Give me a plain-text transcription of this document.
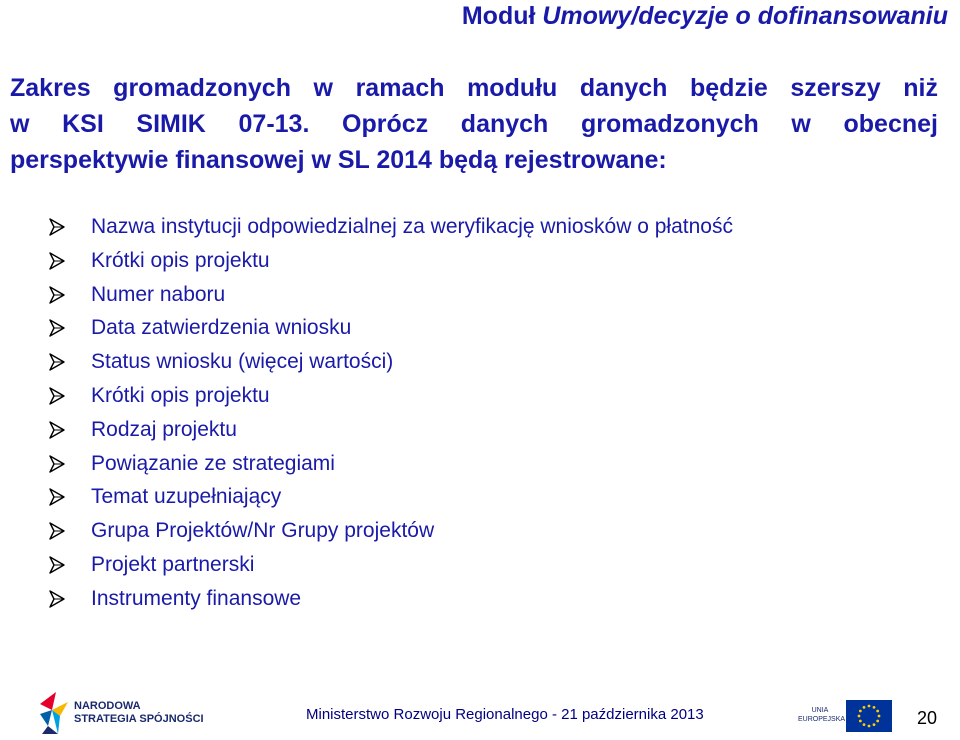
Moduł Umowy/decyzje o dofinansowaniu
Zakres gromadzonych w ramach modułu danych będzie szerszy niż
w KSI SIMIK 07-13. Oprócz danych gromadzonych w obecnej
perspektywie finansowej w SL 2014 będą rejestrowane:
Nazwa instytucji odpowiedzialnej za weryfikację wniosków o płatność
Krótki opis projektu
Numer naboru
Data zatwierdzenia wniosku
Status wniosku (więcej wartości)
Krótki opis projektu
Rodzaj projektu
Powiązanie ze strategiami
Temat uzupełniający
Grupa Projektów/Nr Grupy projektów
Projekt partnerski
Instrumenty finansowe
NARODOWA
STRATEGIA SPÓJNOŚCI	Ministerstwo Rozwoju Regionalnego - 21 października 2013	UNIA
EUROPEJSKA	20
